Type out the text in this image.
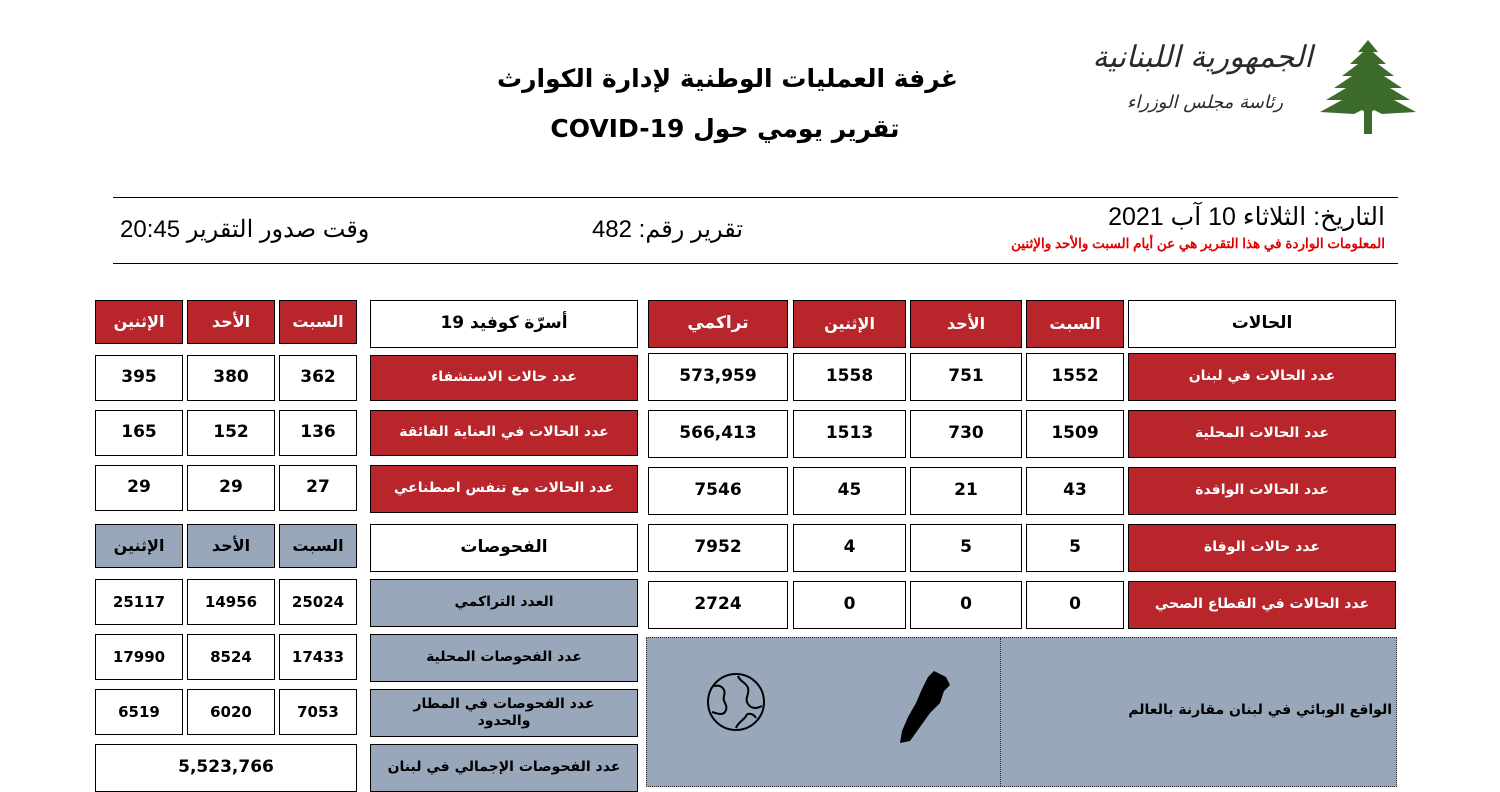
الجمهورية اللبنانية
رئاسة مجلس الوزراء
غرفة العمليات الوطنية لإدارة الكوارث
تقرير يومي حول COVID-19
التاريخ: الثلاثاء 10 آب 2021
المعلومات الواردة في هذا التقرير هي عن أيام السبت والأحد والإثنين
تقرير رقم: 482
وقت صدور التقرير 20:45
الحالات
السبت
الأحد
الإثنين
تراكمي
عدد الحالات في لبنان
1552
751
1558
573,959
عدد الحالات المحلية
1509
730
1513
566,413
عدد الحالات الوافدة
43
21
45
7546
عدد حالات الوفاة
5
5
4
7952
عدد الحالات في القطاع الصحي
0
0
0
2724
الواقع الوبائي في لبنان مقارنة بالعالم
أسرّة كوفيد 19
السبت
الأحد
الإثنين
عدد حالات الاستشفاء
362
380
395
عدد الحالات في العناية الفائقة
136
152
165
عدد الحالات مع تنفس اصطناعي
27
29
29
الفحوصات
السبت
الأحد
الإثنين
العدد التراكمي
25024
14956
25117
عدد الفحوصات المحلية
17433
8524
17990
عدد الفحوصات في المطار والحدود
7053
6020
6519
عدد الفحوصات الإجمالي في لبنان
5,523,766
